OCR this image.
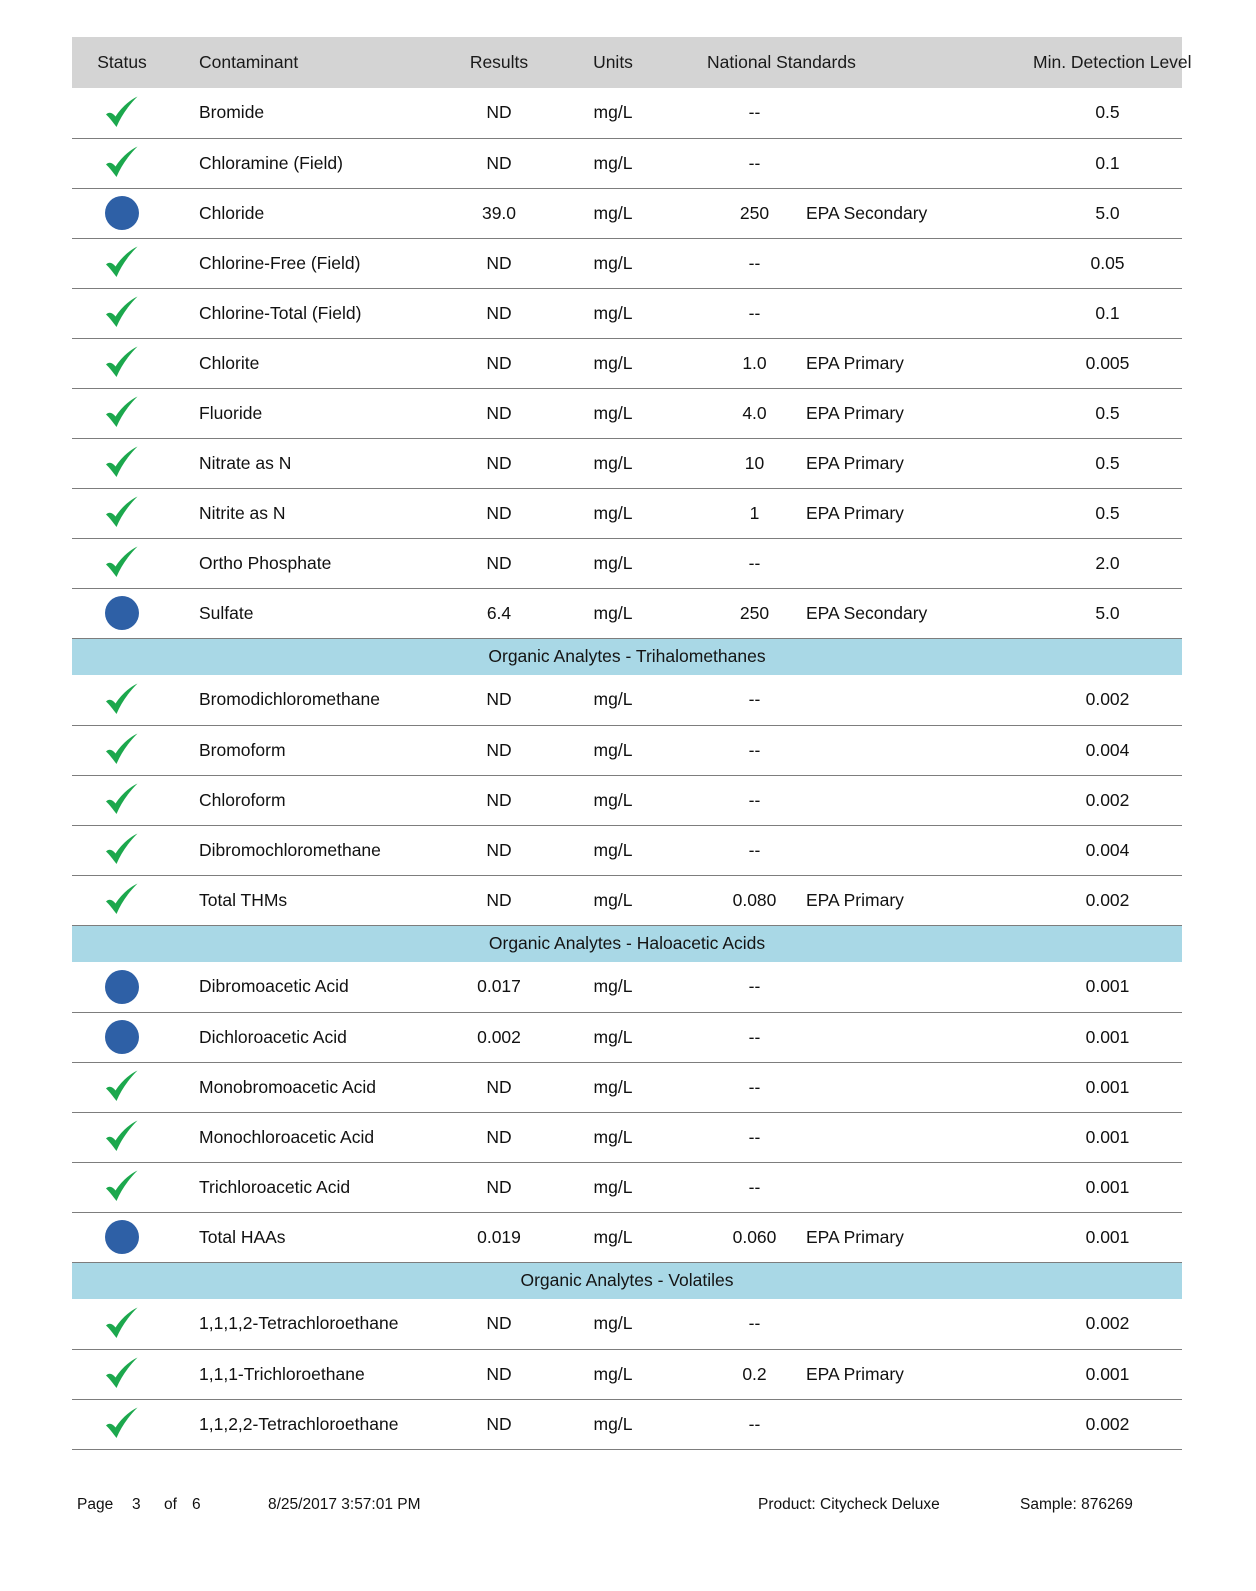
Status	Contaminant	Results	Units	National Standards		Min. Detection Level

	Bromide	ND	mg/L	--		0.5

	Chloramine (Field)	ND	mg/L	--		0.1

	Chloride	39.0	mg/L	250	EPA Secondary	5.0

	Chlorine-Free (Field)	ND	mg/L	--		0.05

	Chlorine-Total (Field)	ND	mg/L	--		0.1

	Chlorite	ND	mg/L	1.0	EPA Primary	0.005

	Fluoride	ND	mg/L	4.0	EPA Primary	0.5

	Nitrate as N	ND	mg/L	10	EPA Primary	0.5

	Nitrite as N	ND	mg/L	1	EPA Primary	0.5

	Ortho Phosphate	ND	mg/L	--		2.0

	Sulfate	6.4	mg/L	250	EPA Secondary	5.0
Organic Analytes - Trihalomethanes						

	Bromodichloromethane	ND	mg/L	--		0.002

	Bromoform	ND	mg/L	--		0.004

	Chloroform	ND	mg/L	--		0.002

	Dibromochloromethane	ND	mg/L	--		0.004

	Total THMs	ND	mg/L	0.080	EPA Primary	0.002
Organic Analytes - Haloacetic Acids						

	Dibromoacetic Acid	0.017	mg/L	--		0.001

	Dichloroacetic Acid	0.002	mg/L	--		0.001

	Monobromoacetic Acid	ND	mg/L	--		0.001

	Monochloroacetic Acid	ND	mg/L	--		0.001

	Trichloroacetic Acid	ND	mg/L	--		0.001

	Total HAAs	0.019	mg/L	0.060	EPA Primary	0.001
Organic Analytes - Volatiles						

	1,1,1,2-Tetrachloroethane	ND	mg/L	--		0.002

	1,1,1-Trichloroethane	ND	mg/L	0.2	EPA Primary	0.001

	1,1,2,2-Tetrachloroethane	ND	mg/L	--		0.002
Page 3 of 6	8/25/2017 3:57:01 PM	Product: Citycheck Deluxe	Sample: 876269
